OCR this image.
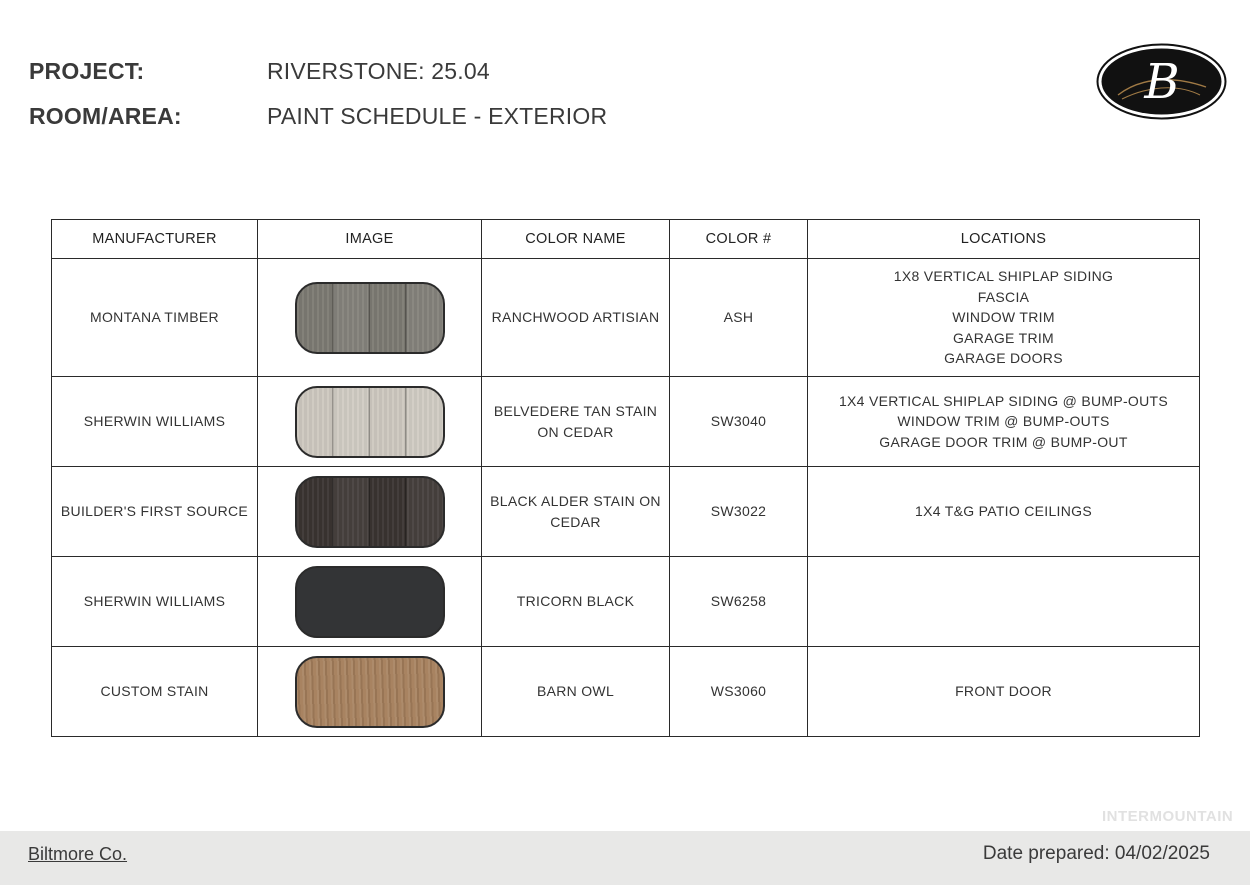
PROJECT:	RIVERSTONE: 25.04
ROOM/AREA:	PAINT SCHEDULE - EXTERIOR
B
MANUFACTURER	IMAGE	COLOR NAME	COLOR #	LOCATIONS
MONTANA TIMBER		RANCHWOOD ARTISIAN	ASH	1X8 VERTICAL SHIPLAP SIDING
FASCIA
WINDOW TRIM
GARAGE TRIM
GARAGE DOORS

SHERWIN WILLIAMS		BELVEDERE TAN STAIN ON CEDAR	SW3040	1X4 VERTICAL SHIPLAP SIDING @ BUMP-OUTS
WINDOW TRIM @ BUMP-OUTS
GARAGE DOOR TRIM @ BUMP-OUT

BUILDER'S FIRST SOURCE		BLACK ALDER STAIN ON CEDAR	SW3022	1X4 T&G PATIO CEILINGS

SHERWIN WILLIAMS		TRICORN BLACK	SW6258	
CUSTOM STAIN		BARN OWL	WS3060	FRONT DOOR
INTERMOUNTAIN
Biltmore Co.	Date prepared: 04/02/2025
